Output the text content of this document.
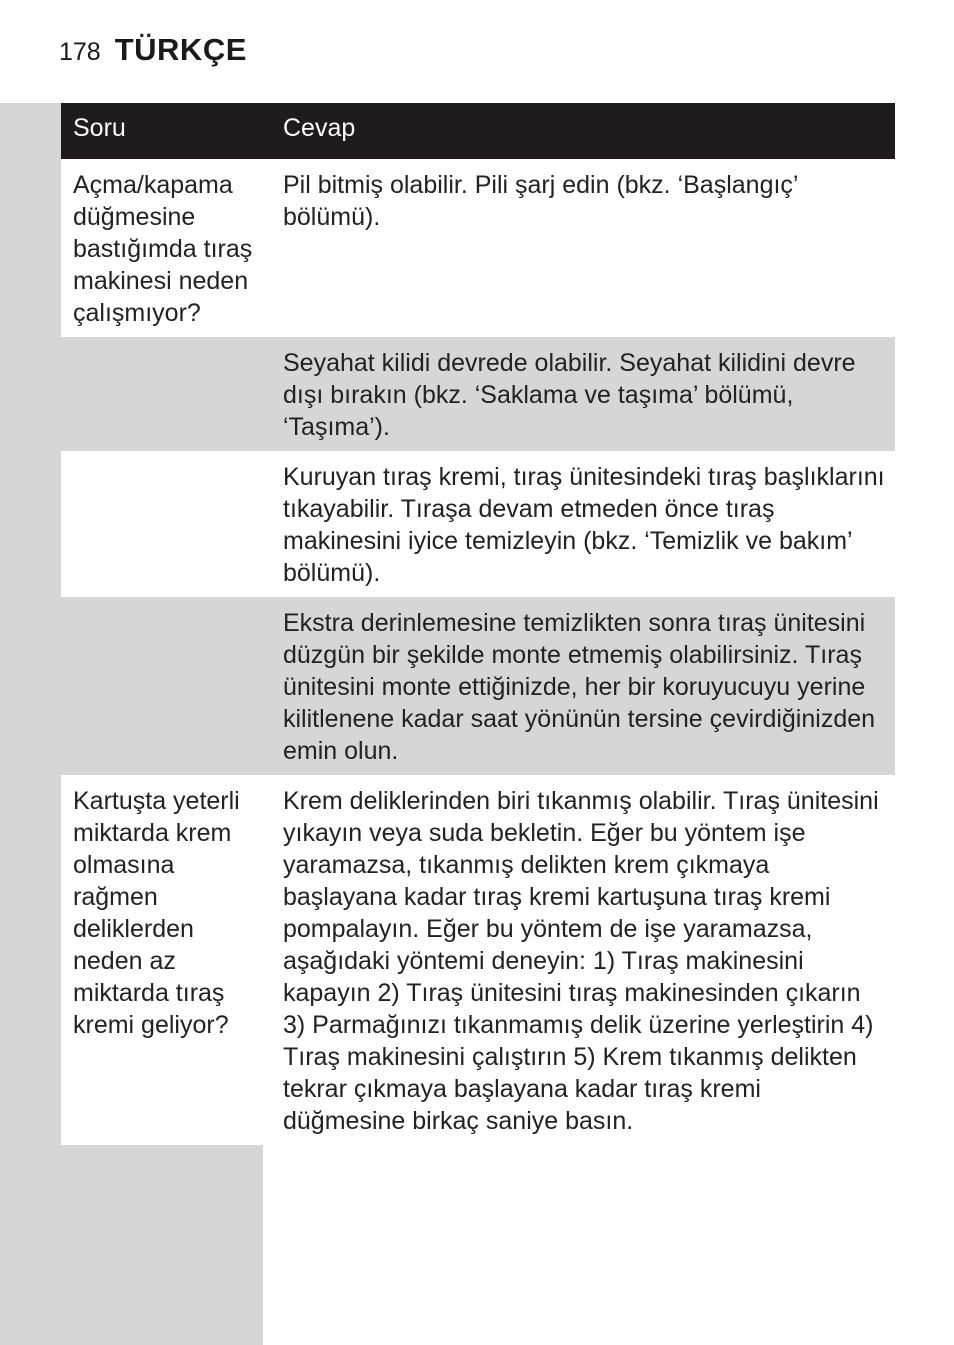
178 TÜRKÇE
Soru	Cevap
Açma/kapama düğmesine bastığımda tıraş makinesi neden çalışmıyor?
Pil bitmiş olabilir. Pili şarj edin (bkz. ‘Başlangıç’ bölümü).
Seyahat kilidi devrede olabilir. Seyahat kilidini devre dışı bırakın (bkz. ‘Saklama ve taşıma’ bölümü, ‘Taşıma’).
Kuruyan tıraş kremi, tıraş ünitesindeki tıraş başlıklarını tıkayabilir. Tıraşa devam etmeden önce tıraş makinesini iyice temizleyin (bkz. ‘Temizlik ve bakım’ bölümü).
Ekstra derinlemesine temizlikten sonra tıraş ünitesini düzgün bir şekilde monte etmemiş olabilirsiniz. Tıraş ünitesini monte ettiğinizde, her bir koruyucuyu yerine kilitlenene kadar saat yönünün tersine çevirdiğinizden emin olun.
Kartuşta yeterli miktarda krem olmasına rağmen deliklerden neden az miktarda tıraş kremi geliyor?
Krem deliklerinden biri tıkanmış olabilir. Tıraş ünitesini yıkayın veya suda bekletin. Eğer bu yöntem işe yaramazsa, tıkanmış delikten krem çıkmaya başlayana kadar tıraş kremi kartuşuna tıraş kremi pompalayın. Eğer bu yöntem de işe yaramazsa, aşağıdaki yöntemi deneyin: 1) Tıraş makinesini kapayın 2) Tıraş ünitesini tıraş makinesinden çıkarın 3) Parmağınızı tıkanmamış delik üzerine yerleştirin 4) Tıraş makinesini çalıştırın 5) Krem tıkanmış delikten tekrar çıkmaya başlayana kadar tıraş kremi düğmesine birkaç saniye basın.
